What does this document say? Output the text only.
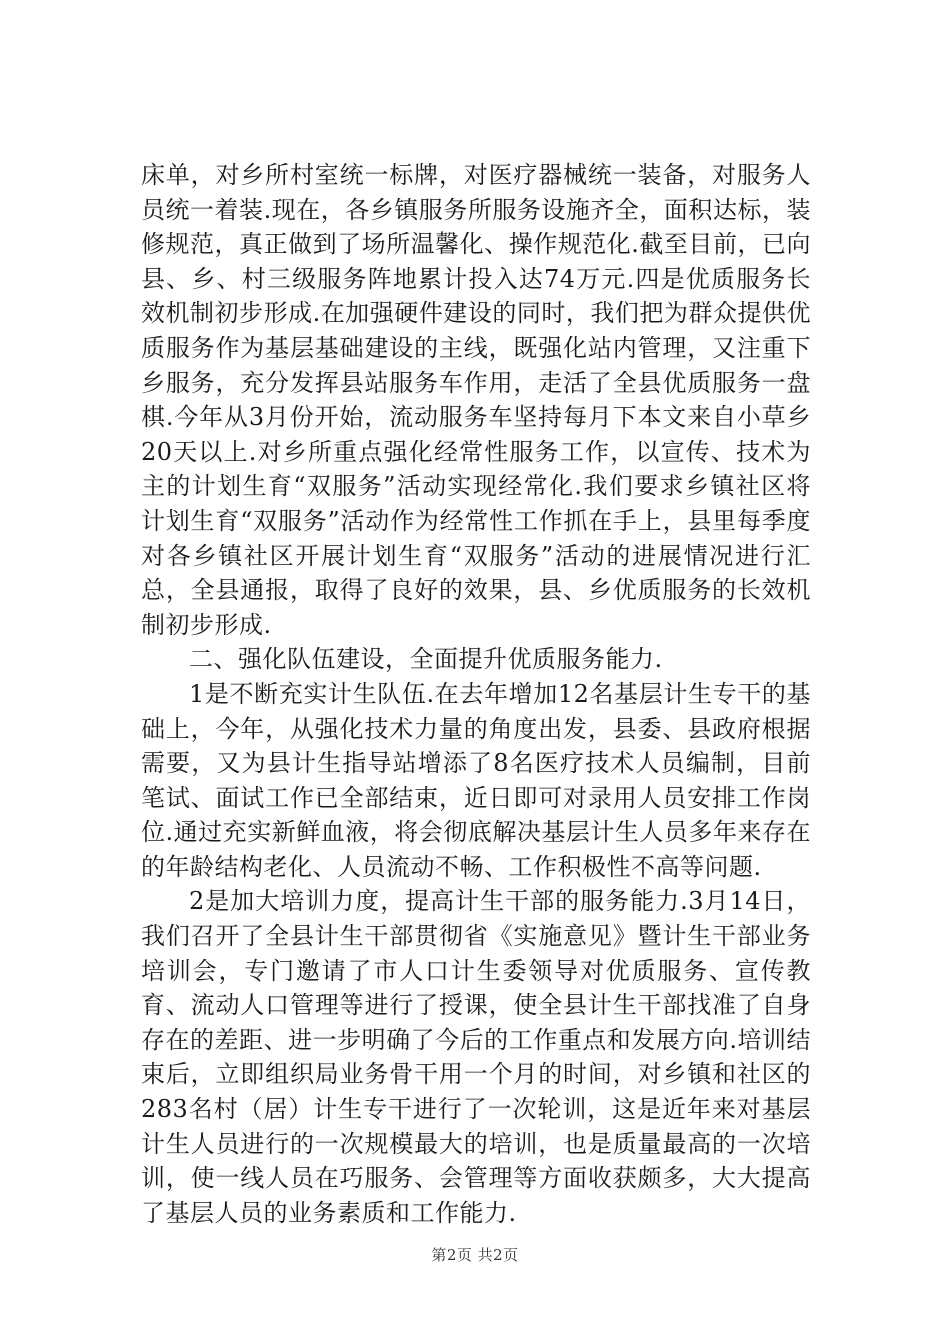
床单，对乡所村室统一标牌，对医疗器械统一装备，对服务人员统一着装.现在，各乡镇服务所服务设施齐全，面积达标，装修规范，真正做到了场所温馨化、操作规范化.截至目前，已向县、乡、村三级服务阵地累计投入达74万元.四是优质服务长效机制初步形成.在加强硬件建设的同时，我们把为群众提供优质服务作为基层基础建设的主线，既强化站内管理，又注重下乡服务，充分发挥县站服务车作用，走活了全县优质服务一盘棋.今年从3月份开始，流动服务车坚持每月下本文来自小草乡20天以上.对乡所重点强化经常性服务工作，以宣传、技术为主的计划生育“双服务”活动实现经常化.我们要求乡镇社区将计划生育“双服务”活动作为经常性工作抓在手上，县里每季度对各乡镇社区开展计划生育“双服务”活动的进展情况进行汇总，全县通报，取得了良好的效果，县、乡优质服务的长效机制初步形成.

二、强化队伍建设，全面提升优质服务能力.

1是不断充实计生队伍.在去年增加12名基层计生专干的基础上，今年，从强化技术力量的角度出发，县委、县政府根据需要，又为县计生指导站增添了8名医疗技术人员编制，目前笔试、面试工作已全部结束，近日即可对录用人员安排工作岗位.通过充实新鲜血液，将会彻底解决基层计生人员多年来存在的年龄结构老化、人员流动不畅、工作积极性不高等问题.

2是加大培训力度，提高计生干部的服务能力.3月14日，我们召开了全县计生干部贯彻省《实施意见》暨计生干部业务培训会，专门邀请了市人口计生委领导对优质服务、宣传教育、流动人口管理等进行了授课，使全县计生干部找准了自身存在的差距、进一步明确了今后的工作重点和发展方向.培训结束后，立即组织局业务骨干用一个月的时间，对乡镇和社区的283名村（居）计生专干进行了一次轮训，这是近年来对基层计生人员进行的一次规模最大的培训，也是质量最高的一次培训，使一线人员在巧服务、会管理等方面收获颇多，大大提高了基层人员的业务素质和工作能力.

第2页 共2页
